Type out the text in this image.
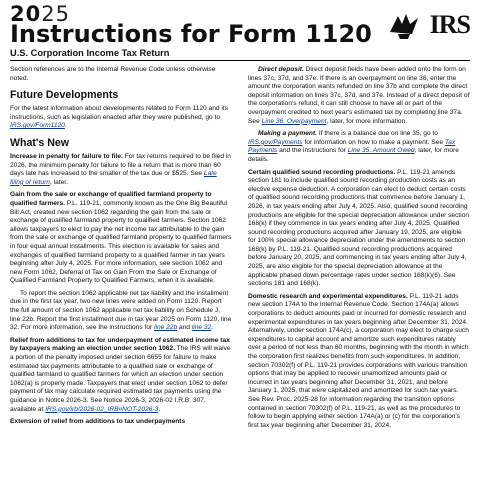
2025
Instructions for Form 1120 IRS
U.S. Corporation Income Tax Return

Section references are to the Internal Revenue Code unless otherwise noted.

Future Developments

For the latest information about developments related to Form 1120 and its instructions, such as legislation enacted after they were published, go to IRS.gov/Form1120.

What's New

Increase in penalty for failure to file. For tax returns required to be filed in 2026, the minimum penalty for failure to file a return that is more than 60 days late has increased to the smaller of the tax due or $525. See Late filing of return, later.

Gain from the sale or exchange of qualified farmland property to qualified farmers. P.L. 119-21, commonly known as the One Big Beautiful Bill Act, created new section 1062 regarding the gain from the sale or exchange of qualified farmland property to qualified farmers. Section 1062 allows taxpayers to elect to pay the net income tax attributable to the gain from the sale or exchange of qualified farmland property to qualified farmers in four equal annual installments. This election is available for sales and exchanges of qualified farmland property to a qualified farmer in tax years beginning after July 4, 2025. For more information, see section 1062 and new Form 1062, Deferral of Tax on Gain From the Sale or Exchange of Qualified Farmland Property to Qualified Farmers, when it is available.

To report the section 1062 applicable net tax liability and the installment due in the first tax year, two new lines were added on Form 1120. Report the full amount of section 1062 applicable net tax liability on Schedule J, line 22b. Report the first installment due in tax year 2025 on Form 1120, line 32. For more information, see the instructions for line 22b and line 32.

Relief from additions to tax for underpayment of estimated income tax by taxpayers making an election under section 1062. The IRS will waive a portion of the penalty imposed under section 6655 for failure to make estimated tax payments attributable to a qualified sale or exchange of qualified farmland to qualified farmers for which an election under section 1062(a) is properly made. Taxpayers that elect under section 1062 to defer payment of tax may calculate required estimated tax payments using the guidance in Notice 2026-3. See Notice 2026-3, 2026-02 I.R.B. 307, available at IRS.gov/irb/2026-02_IRB#NOT-2026-3.

Extension of relief from additions to tax underpayments

Direct deposit. Direct deposit fields have been added onto the form on lines 37c, 37d, and 37e. If there is an overpayment on line 36, enter the amount the corporation wants refunded on line 37b and complete the direct deposit information on lines 37c, 37d, and 37e. Instead of a direct deposit of the corporation's refund, it can still choose to have all or part of the overpayment credited to next year's estimated tax by completing line 37a. See Line 36. Overpayment, later, for more information.

Making a payment. If there is a balance due on line 35, go to IRS.gov/Payments for information on how to make a payment. See Tax Payments and the instructions for Line 35. Amount Owed, later, for more details.

Certain qualified sound recording productions. P.L. 119-21 amends section 181 to include qualified sound recording production costs as an elective expense deduction. A corporation can elect to deduct certain costs of qualified sound recording productions that commence before January 1, 2026, in tax years ending after July 4, 2025. Also, qualified sound recording productions are eligible for the special depreciation allowance under section 168(k) if they commence in tax years ending after July 4, 2025. Qualified sound recording productions acquired after January 19, 2025, are eligible for 100% special allowance depreciation under the amendments to section 168(k) by P.L. 119-21. Qualified sound recording productions acquired before January 20, 2025, and commencing in tax years ending after July 4, 2025, are also eligible for the special depreciation allowance at the applicable phased down percentage rates under section 168(k)(6). See sections 181 and 168(k).

Domestic research and experimental expenditures. P.L. 119-21 adds new section 174A to the Internal Revenue Code. Section 174A(a) allows corporations to deduct amounts paid or incurred for domestic research and experimental expenditures in tax years beginning after December 31, 2024. Alternatively, under section 174A(c), a corporation may elect to charge such expenditures to capital account and amortize such expenditures ratably over a period of not less than 60 months, beginning with the month in which the corporation first realizes benefits from such expenditures. In addition, section 70302(f) of P.L. 119-21 provides corporations with various transition options that may be applied to recover unamortized amounts paid or incurred in tax years beginning after December 31, 2021, and before January 1, 2025, that were capitalized and amortized for such tax years. See Rev. Proc. 2025-28 for information regarding the transition options contained in section 70302(f) of P.L. 119-21, as well as the procedures to follow to begin applying either section 174A(a) or (c) for the corporation's first tax year beginning after December 31, 2024.
